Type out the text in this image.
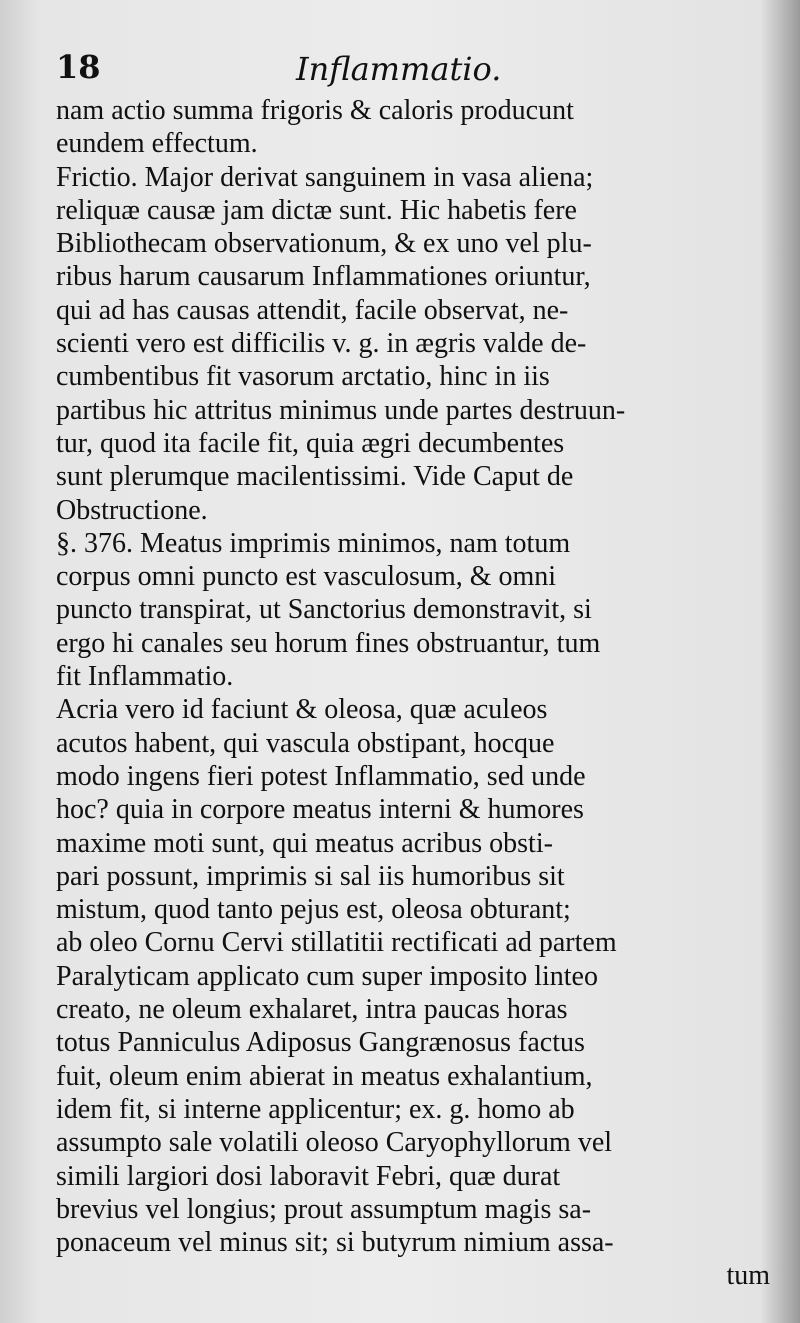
18	Inflammatio.
nam actio summa frigoris & caloris producunt
eundem effectum.
Frictio. Major derivat sanguinem in vasa aliena;
reliquæ causæ jam dictæ sunt. Hic habetis fere
Bibliothecam observationum, & ex uno vel plu-
ribus harum causarum Inflammationes oriuntur,
qui ad has causas attendit, facile observat, ne-
scienti vero est difficilis v. g. in ægris valde de-
cumbentibus fit vasorum arctatio, hinc in iis
partibus hic attritus minimus unde partes destruun-
tur, quod ita facile fit, quia ægri decumbentes
sunt plerumque macilentissimi. Vide Caput de
Obstructione.
§. 376. Meatus imprimis minimos, nam totum
corpus omni puncto est vasculosum, & omni
puncto transpirat, ut Sanctorius demonstravit, si
ergo hi canales seu horum fines obstruantur, tum
fit Inflammatio.
Acria vero id faciunt & oleosa, quæ aculeos
acutos habent, qui vascula obstipant, hocque
modo ingens fieri potest Inflammatio, sed unde
hoc? quia in corpore meatus interni & humores
maxime moti sunt, qui meatus acribus obsti-
pari possunt, imprimis si sal iis humoribus sit
mistum, quod tanto pejus est, oleosa obturant;
ab oleo Cornu Cervi stillatitii rectificati ad partem
Paralyticam applicato cum super imposito linteo
creato, ne oleum exhalaret, intra paucas horas
totus Panniculus Adiposus Gangrænosus factus
fuit, oleum enim abierat in meatus exhalantium,
idem fit, si interne applicentur; ex. g. homo ab
assumpto sale volatili oleoso Caryophyllorum vel
simili largiori dosi laboravit Febri, quæ durat
brevius vel longius; prout assumptum magis sa-
ponaceum vel minus sit; si butyrum nimium assa-
tum
